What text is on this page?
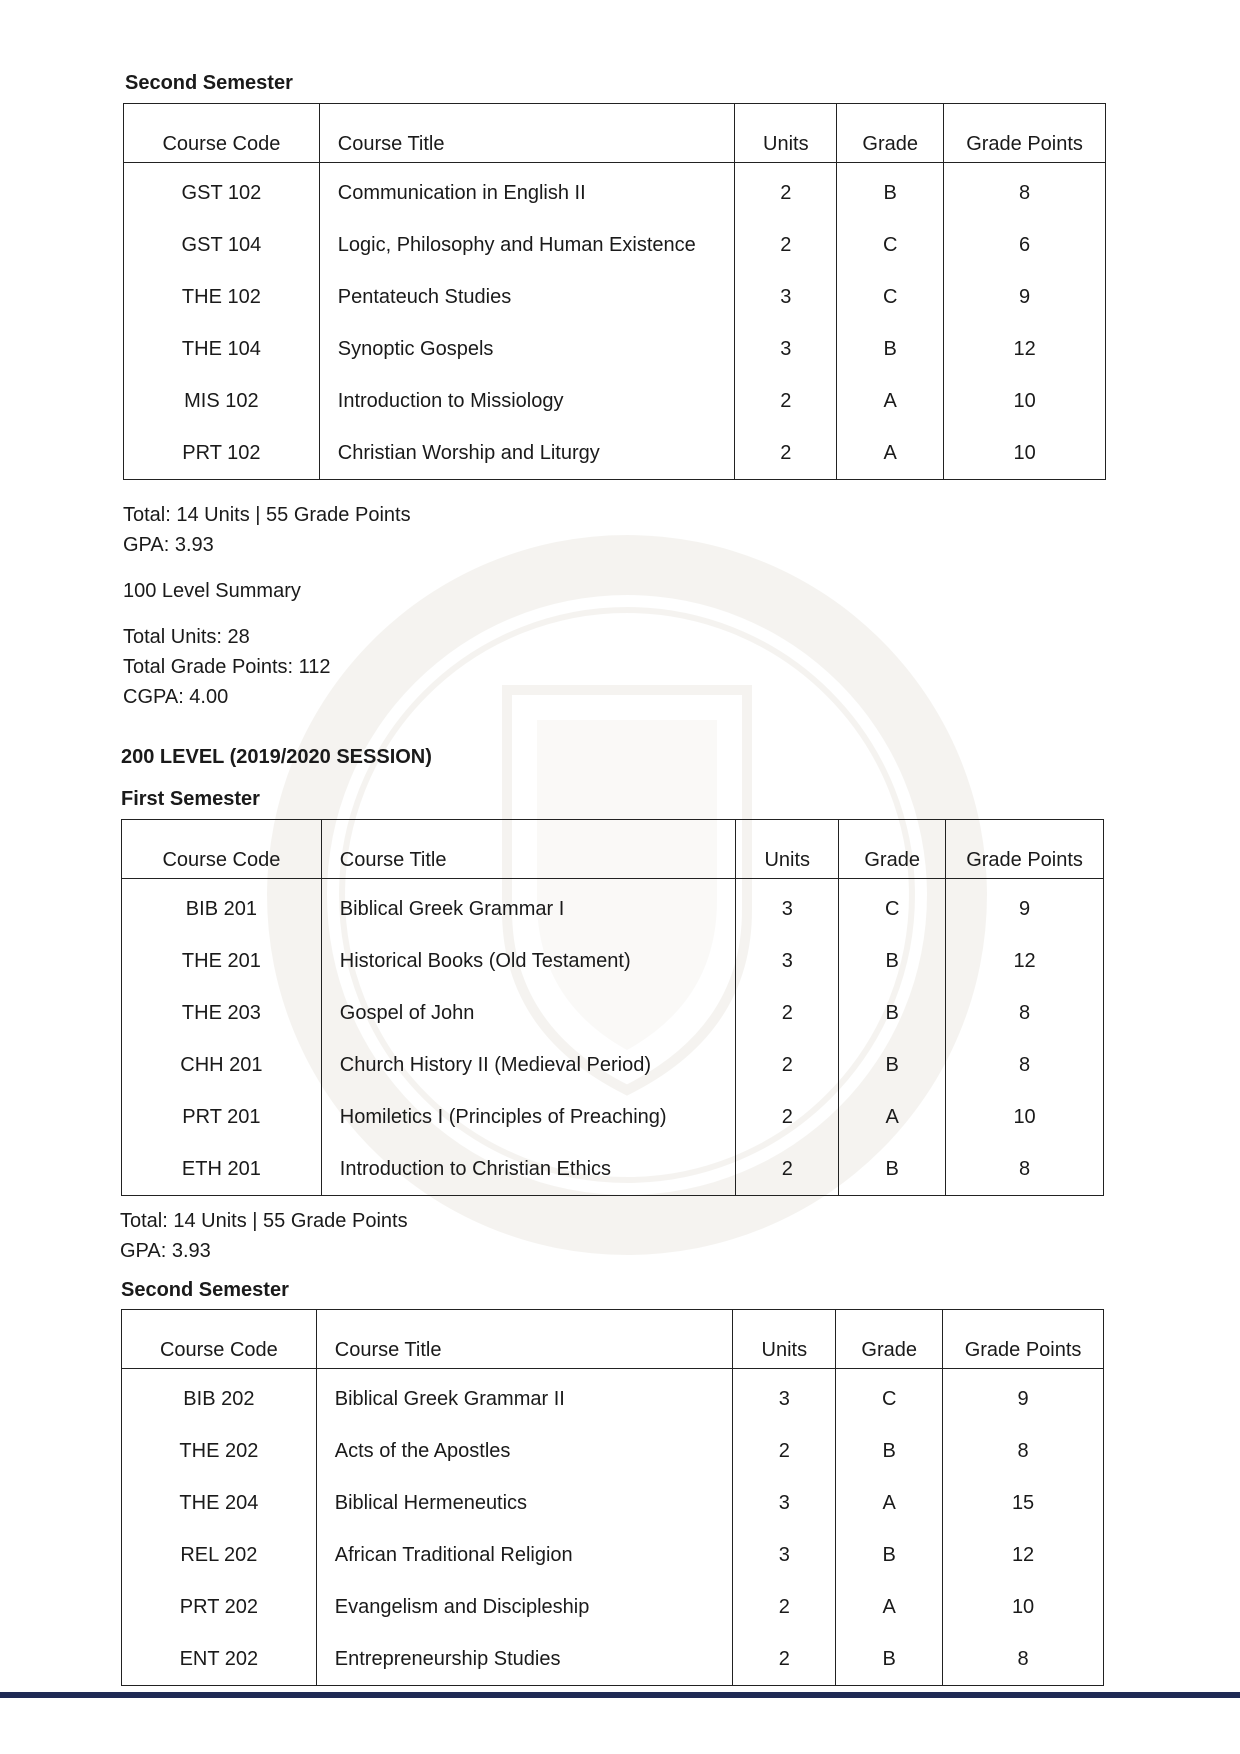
Second Semester
Course Code	Course Title	Units	Grade	Grade Points
GST 102	Communication in English II	2	B	8
GST 104	Logic, Philosophy and Human Existence	2	C	6
THE 102	Pentateuch Studies	3	C	9
THE 104	Synoptic Gospels	3	B	12
MIS 102	Introduction to Missiology	2	A	10
PRT 102	Christian Worship and Liturgy	2	A	10
Total: 14 Units | 55 Grade Points
GPA: 3.93
100 Level Summary
Total Units: 28
Total Grade Points: 112
CGPA: 4.00
200 LEVEL (2019/2020 SESSION)
First Semester
Course Code	Course Title	Units	Grade	Grade Points
BIB 201	Biblical Greek Grammar I	3	C	9
THE 201	Historical Books (Old Testament)	3	B	12
THE 203	Gospel of John	2	B	8
CHH 201	Church History II (Medieval Period)	2	B	8
PRT 201	Homiletics I (Principles of Preaching)	2	A	10
ETH 201	Introduction to Christian Ethics	2	B	8
Total: 14 Units | 55 Grade Points
GPA: 3.93
Second Semester
Course Code	Course Title	Units	Grade	Grade Points
BIB 202	Biblical Greek Grammar II	3	C	9
THE 202	Acts of the Apostles	2	B	8
THE 204	Biblical Hermeneutics	3	A	15
REL 202	African Traditional Religion	3	B	12
PRT 202	Evangelism and Discipleship	2	A	10
ENT 202	Entrepreneurship Studies	2	B	8
